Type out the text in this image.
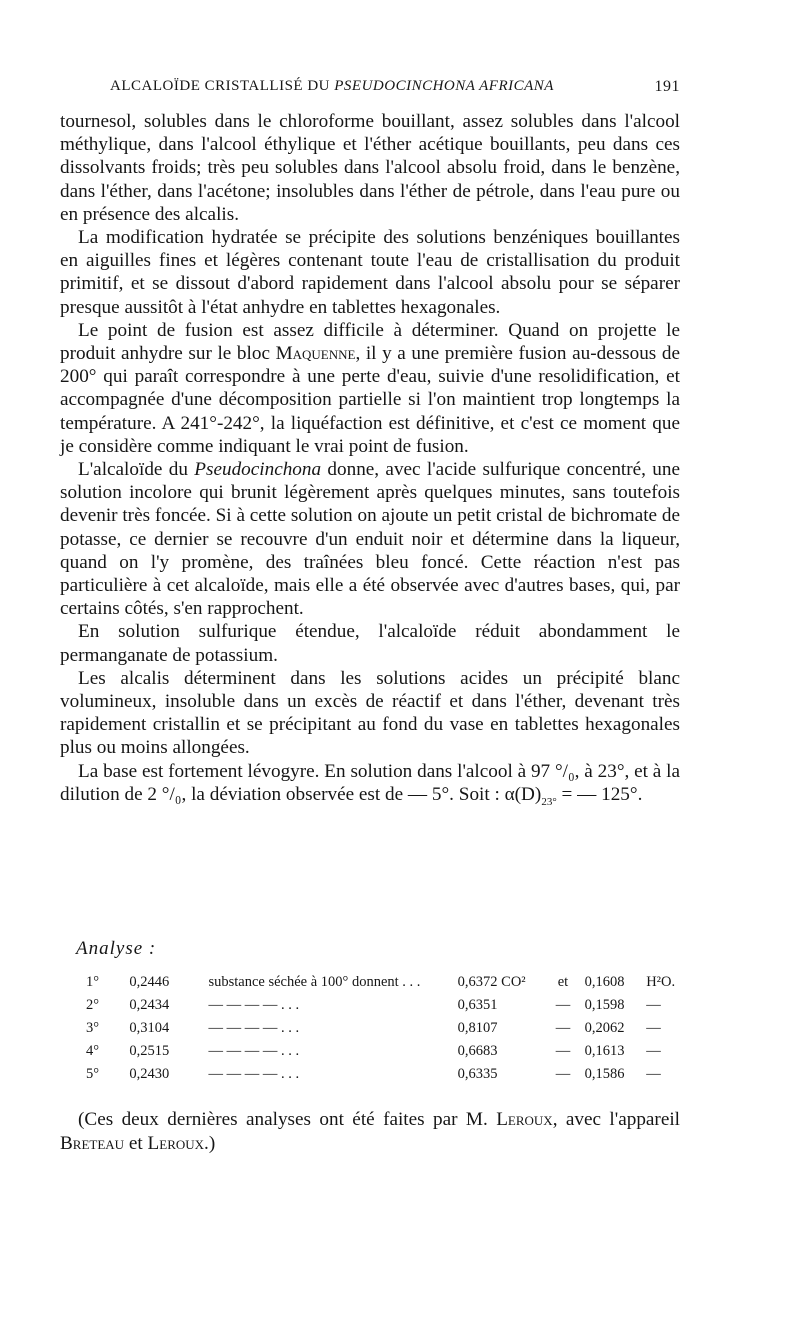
ALCALOÏDE CRISTALLISÉ DU PSEUDOCINCHONA AFRICANA	191

tournesol, solubles dans le chloroforme bouillant, assez solubles dans l'alcool méthylique, dans l'alcool éthylique et l'éther acétique bouillants, peu dans ces dissolvants froids; très peu solubles dans l'alcool absolu froid, dans le benzène, dans l'éther, dans l'acétone; insolubles dans l'éther de pétrole, dans l'eau pure ou en présence des alcalis.

La modification hydratée se précipite des solutions benzéniques bouillantes en aiguilles fines et légères contenant toute l'eau de cristallisation du produit primitif, et se dissout d'abord rapidement dans l'alcool absolu pour se séparer presque aussitôt à l'état anhydre en tablettes hexagonales.

Le point de fusion est assez difficile à déterminer. Quand on projette le produit anhydre sur le bloc Maquenne, il y a une première fusion au-dessous de 200° qui paraît correspondre à une perte d'eau, suivie d'une resolidification, et accompagnée d'une décomposition partielle si l'on maintient trop longtemps la température. A 241°-242°, la liquéfaction est définitive, et c'est ce moment que je considère comme indiquant le vrai point de fusion.

L'alcaloïde du Pseudocinchona donne, avec l'acide sulfurique concentré, une solution incolore qui brunit légèrement après quelques minutes, sans toutefois devenir très foncée. Si à cette solution on ajoute un petit cristal de bichromate de potasse, ce dernier se recouvre d'un enduit noir et détermine dans la liqueur, quand on l'y promène, des traînées bleu foncé. Cette réaction n'est pas particulière à cet alcaloïde, mais elle a été observée avec d'autres bases, qui, par certains côtés, s'en rapprochent.

En solution sulfurique étendue, l'alcaloïde réduit abondamment le permanganate de potassium.

Les alcalis déterminent dans les solutions acides un précipité blanc volumineux, insoluble dans un excès de réactif et dans l'éther, devenant très rapidement cristallin et se précipitant au fond du vase en tablettes hexagonales plus ou moins allongées.

La base est fortement lévogyre. En solution dans l'alcool à 97 °/₀, à 23°, et à la dilution de 2 °/₀, la déviation observée est de — 5°. Soit : $\alpha(D)_{23^\circ}$ = — 125°.

Analyse :
1°	0,2446	substance séchée à 100° donnent . . .	0,6372 CO²	et	0,1608	H²O.
2°	0,2434	— — — — . . .	0,6351	—	0,1598	—
3°	0,3104	— — — — . . .	0,8107	—	0,2062	—
4°	0,2515	— — — — . . .	0,6683	—	0,1613	—
5°	0,2430	— — — — . . .	0,6335	—	0,1586	—

(Ces deux dernières analyses ont été faites par M. Leroux, avec l'appareil Breteau et Leroux.)
